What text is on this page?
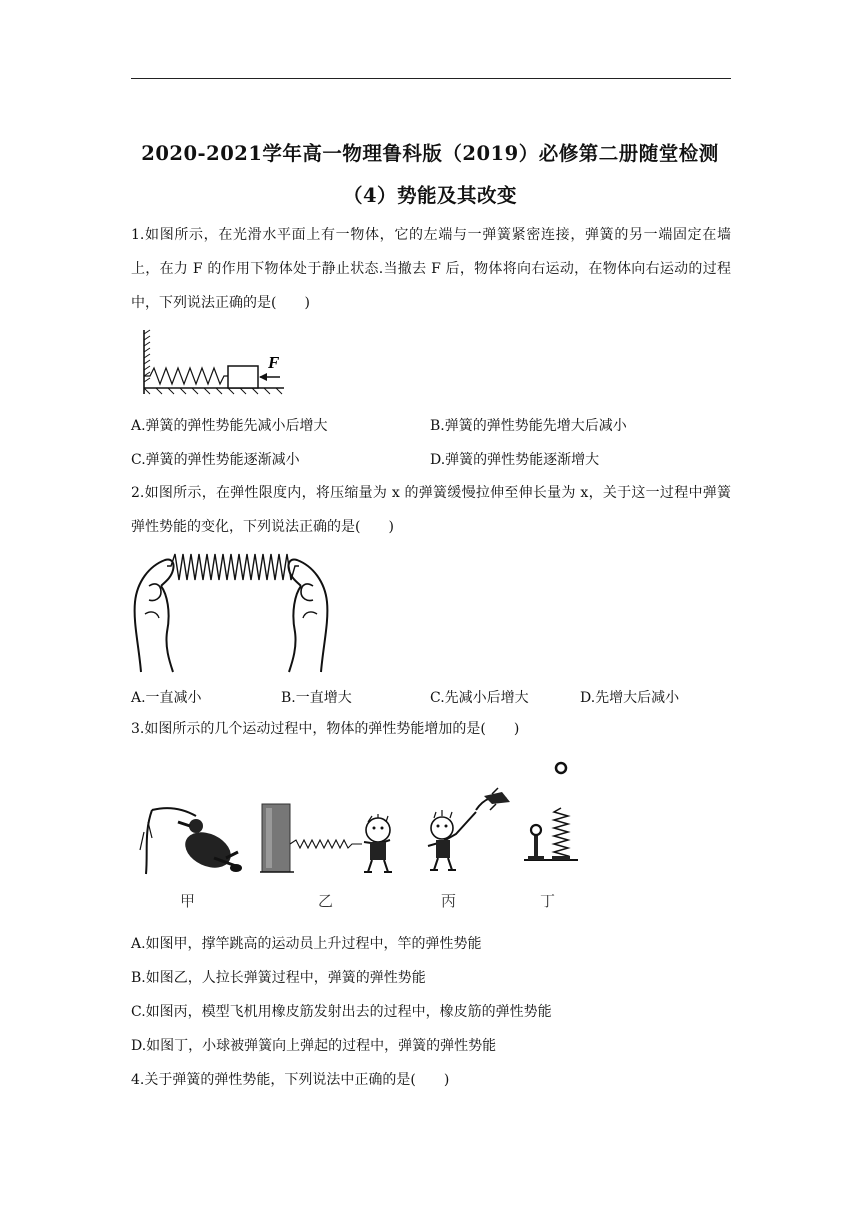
2020-2021学年高一物理鲁科版（2019）必修第二册随堂检测
（4）势能及其改变
1.如图所示，在光滑水平面上有一物体，它的左端与一弹簧紧密连接，弹簧的另一端固定在墙上，在力 F 的作用下物体处于静止状态.当撤去 F 后，物体将向右运动，在物体向右运动的过程中，下列说法正确的是(　　)
F
A.弹簧的弹性势能先减小后增大	B.弹簧的弹性势能先增大后减小
C.弹簧的弹性势能逐渐减小	D.弹簧的弹性势能逐渐增大
2.如图所示，在弹性限度内，将压缩量为 x 的弹簧缓慢拉伸至伸长量为 x，关于这一过程中弹簧弹性势能的变化，下列说法正确的是(　　)
A.一直减小	B.一直增大	C.先减小后增大	D.先增大后减小
3.如图所示的几个运动过程中，物体的弹性势能增加的是(　　)
甲	乙	丙	丁
A.如图甲，撑竿跳高的运动员上升过程中，竿的弹性势能
B.如图乙，人拉长弹簧过程中，弹簧的弹性势能
C.如图丙，模型飞机用橡皮筋发射出去的过程中，橡皮筋的弹性势能
D.如图丁，小球被弹簧向上弹起的过程中，弹簧的弹性势能
4.关于弹簧的弹性势能，下列说法中正确的是(　　)
